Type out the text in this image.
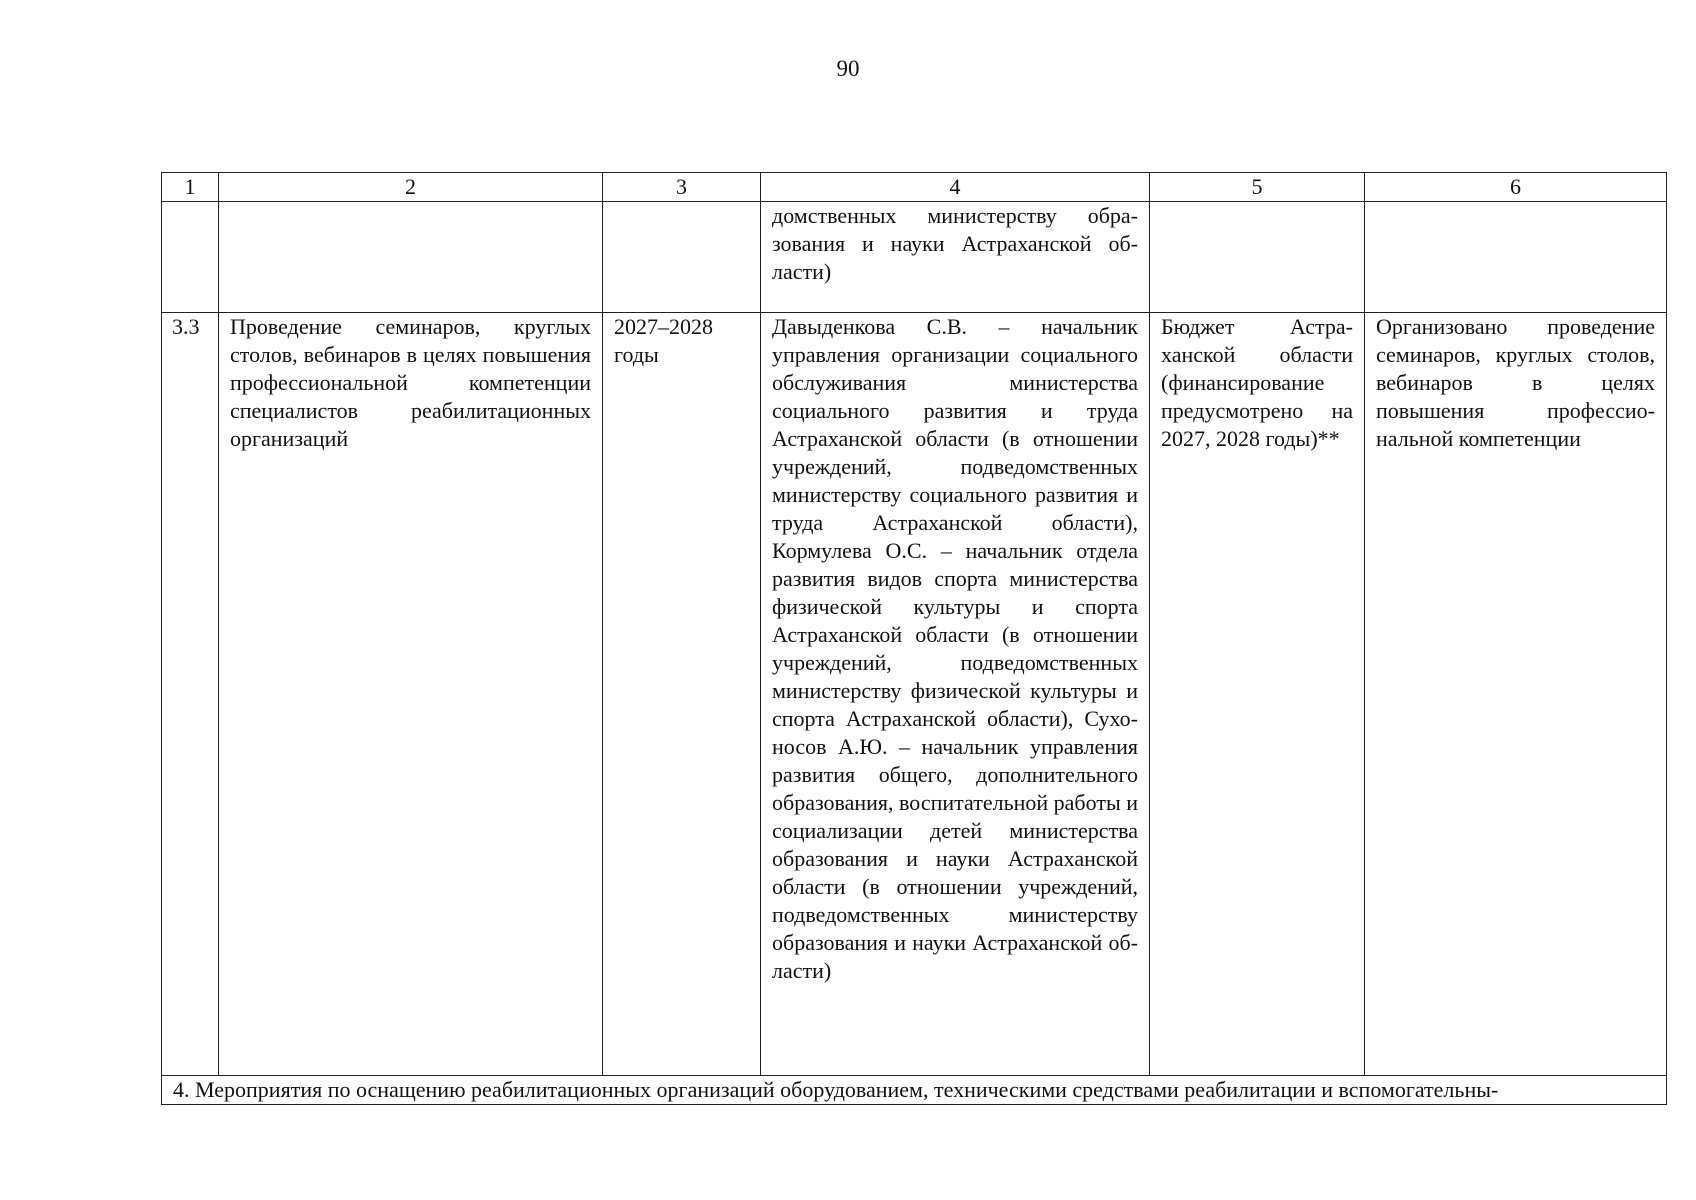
90
1	2	3	4	5	6
			домственных министерству образования и науки Астраханской области)		
3.3	Проведение семинаров, круглых столов, вебинаров в целях повышения профессиональной компетенции специалистов реабилитационных организаций	2027–2028 годы	Давыденкова С.В. – начальник управления организации социального обслуживания министерства социального развития и труда Астраханской области (в отношении учреждений, подведомственных министерству социального развития и труда Астраханской области), Кормулева О.С. – начальник отдела развития видов спорта министерства физической культуры и спорта Астраханской области (в отношении учреждений, подведомственных министерству физической культуры и спорта Астраханской области), Сухоносов А.Ю. – начальник управления развития общего, дополнительного образования, воспитательной работы и социализации детей министерства образования и науки Астраханской области (в отношении учреждений, подведомственных министерству образования и науки Астраханской области)	Бюджет Астраханской области (финансирование предусмотрено на 2027, 2028 годы)**	Организовано проведение семинаров, круглых столов, вебинаров в целях повышения профессиональной компетенции
4. Мероприятия по оснащению реабилитационных организаций оборудованием, техническими средствами реабилитации и вспомогательны-					
